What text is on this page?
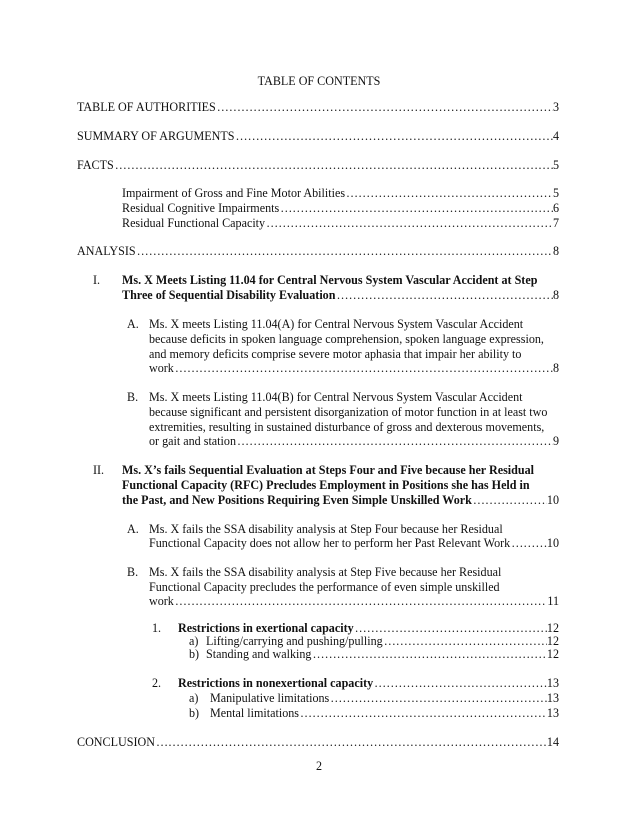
TABLE OF CONTENTS
TABLE OF AUTHORITIES ……………………………………………………………………………………………………………………………………………………………………………………………	3
SUMMARY OF ARGUMENTS ……………………………………………………………………………………………………………………………………………………………………………………………	4
FACTS ……………………………………………………………………………………………………………………………………………………………………………………………	5
Impairment of Gross and Fine Motor Abilities ……………………………………………………………………………………………………………………………………………………………………………………………	5
Residual Cognitive Impairments ……………………………………………………………………………………………………………………………………………………………………………………………	6
Residual Functional Capacity ……………………………………………………………………………………………………………………………………………………………………………………………	7
ANALYSIS ……………………………………………………………………………………………………………………………………………………………………………………………	8
I. Ms. X Meets Listing 11.04 for Central Nervous System Vascular Accident at Step
Three of Sequential Disability Evaluation ……………………………………………………………………………………………………………………………………………………………………………………………	8
A. Ms. X meets Listing 11.04(A) for Central Nervous System Vascular Accident
because deficits in spoken language comprehension, spoken language expression,
and memory deficits comprise severe motor aphasia that impair her ability to
work ……………………………………………………………………………………………………………………………………………………………………………………………	8
B. Ms. X meets Listing 11.04(B) for Central Nervous System Vascular Accident
because significant and persistent disorganization of motor function in at least two
extremities, resulting in sustained disturbance of gross and dexterous movements,
or gait and station ……………………………………………………………………………………………………………………………………………………………………………………………	9
II. Ms. X’s fails Sequential Evaluation at Steps Four and Five because her Residual
Functional Capacity (RFC) Precludes Employment in Positions she has Held in
the Past, and New Positions Requiring Even Simple Unskilled Work ……………………………………………………………………………………………………………………………………………………………………………………………	10
A. Ms. X fails the SSA disability analysis at Step Four because her Residual
Functional Capacity does not allow her to perform her Past Relevant Work ……………………………………………………………………………………………………………………………………………………………………………………………	10
B. Ms. X fails the SSA disability analysis at Step Five because her Residual
Functional Capacity precludes the performance of even simple unskilled
work ……………………………………………………………………………………………………………………………………………………………………………………………	11
1. Restrictions in exertional capacity ……………………………………………………………………………………………………………………………………………………………………………………………	12
a) Lifting/carrying and pushing/pulling ……………………………………………………………………………………………………………………………………………………………………………………………	12
b) Standing and walking ……………………………………………………………………………………………………………………………………………………………………………………………	12
2. Restrictions in nonexertional capacity ……………………………………………………………………………………………………………………………………………………………………………………………	13
a) Manipulative limitations ……………………………………………………………………………………………………………………………………………………………………………………………	13
b) Mental limitations ……………………………………………………………………………………………………………………………………………………………………………………………	13
CONCLUSION ……………………………………………………………………………………………………………………………………………………………………………………………	14
2
